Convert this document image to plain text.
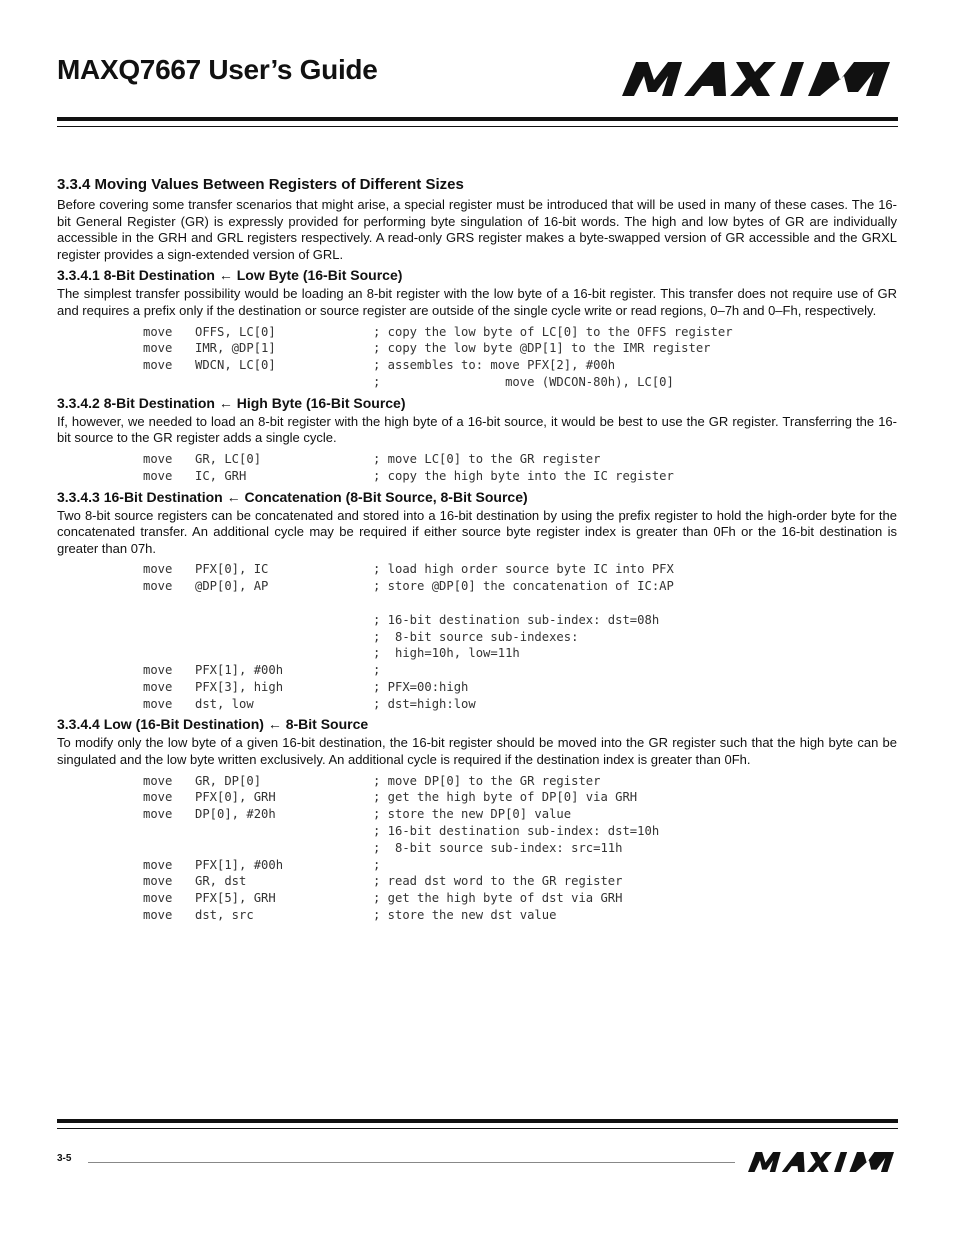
MAXQ7667 User’s Guide
3.3.4 Moving Values Between Registers of Different Sizes

Before covering some transfer scenarios that might arise, a special register must be introduced that will be used in many of these cases. The 16-bit General Register (GR) is expressly provided for performing byte singulation of 16-bit words. The high and low bytes of GR are individually accessible in the GRH and GRL registers respectively. A read-only GRS register makes a byte-swapped version of GR accessible and the GRXL register provides a sign-extended version of GRL.

3.3.4.1 8-Bit Destination ← Low Byte (16-Bit Source)

The simplest transfer possibility would be loading an 8-bit register with the low byte of a 16-bit register. This transfer does not require use of GR and requires a prefix only if the destination or source register are outside of the single cycle write or read regions, 0–7h and 0–Fh, respectively.

move	OFFS, LC[0]	; copy the low byte of LC[0] to the OFFS register
move	IMR, @DP[1]	; copy the low byte @DP[1] to the IMR register
move	WDCN, LC[0]	; assembles to: move PFX[2], #00h
;                 move (WDCON-80h), LC[0]
3.3.4.2 8-Bit Destination ← High Byte (16-Bit Source)

If, however, we needed to load an 8-bit register with the high byte of a 16-bit source, it would be best to use the GR register. Transferring the 16-bit source to the GR register adds a single cycle.

move	GR, LC[0]	; move LC[0] to the GR register
move	IC, GRH	; copy the high byte into the IC register
3.3.4.3 16-Bit Destination ← Concatenation (8-Bit Source, 8-Bit Source)

Two 8-bit source registers can be concatenated and stored into a 16-bit destination by using the prefix register to hold the high-order byte for the concatenated transfer. An additional cycle may be required if either source byte register index is greater than 0Fh or the 16-bit destination is greater than 07h.

move	PFX[0], IC	; load high order source byte IC into PFX
move	@DP[0], AP	; store @DP[0] the concatenation of IC:AP
; 16-bit destination sub-index: dst=08h
;  8-bit source sub-indexes:
;  high=10h, low=11h
move	PFX[1], #00h	;
move	PFX[3], high	; PFX=00:high
move	dst, low	; dst=high:low
3.3.4.4 Low (16-Bit Destination) ← 8-Bit Source

To modify only the low byte of a given 16-bit destination, the 16-bit register should be moved into the GR register such that the high byte can be singulated and the low byte written exclusively. An additional cycle is required if the destination index is greater than 0Fh.

move	GR, DP[0]	; move DP[0] to the GR register
move	PFX[0], GRH	; get the high byte of DP[0] via GRH
move	DP[0], #20h	; store the new DP[0] value
; 16-bit destination sub-index: dst=10h
;  8-bit source sub-index: src=11h
move	PFX[1], #00h	;
move	GR, dst	; read dst word to the GR register
move	PFX[5], GRH	; get the high byte of dst via GRH
move	dst, src	; store the new dst value
3-5
